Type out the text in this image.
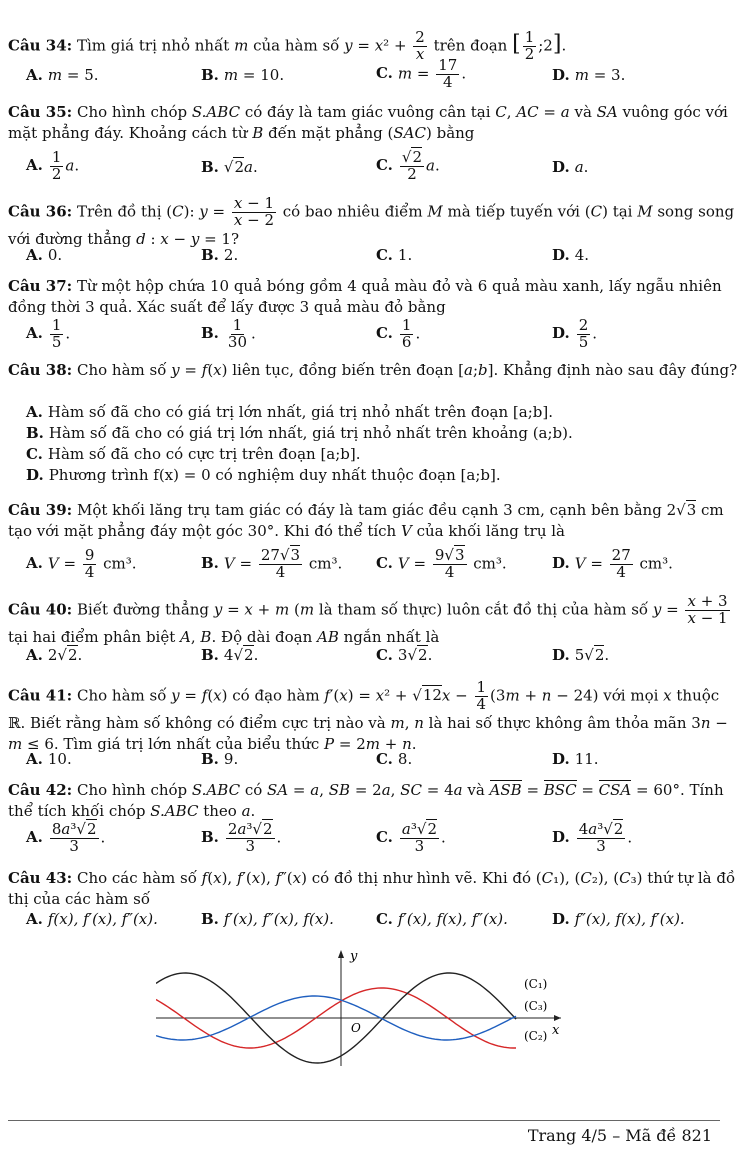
Câu 34: Tìm giá trị nhỏ nhất m của hàm số $y = x^2 + \frac{2}{x}$ trên đoạn [ $\frac{1}{2}$ ;2].
A. m = 5.	B. m = 10.	C. $m = \frac{17}{4}$ .	D. m = 3.
Câu 35: Cho hình chóp S.ABC có đáy là tam giác vuông cân tại C, AC = a và SA vuông góc với mặt phẳng đáy. Khoảng cách từ B đến mặt phẳng (SAC) bằng
A. $\frac{1}{2} a$.	B. √2a.	C. $\frac{√2}{2} a$.	D. a.
Câu 36: Trên đồ thị (C): $y = \frac{x - 1}{x - 2}$ có bao nhiêu điểm M mà tiếp tuyến với (C) tại M song song với đường thẳng d : x − y = 1?
A. 0.	B. 2.	C. 1.	D. 4.
Câu 37: Từ một hộp chứa 10 quả bóng gồm 4 quả màu đỏ và 6 quả màu xanh, lấy ngẫu nhiên đồng thời 3 quả. Xác suất để lấy được 3 quả màu đỏ bằng
A. $\frac{1}{5}$ .	B. $\frac{1}{30}$ .	C. $\frac{1}{6}$ .	D. $\frac{2}{5}$ .
Câu 38: Cho hàm số y = f(x) liên tục, đồng biến trên đoạn [a;b]. Khẳng định nào sau đây đúng?
A. Hàm số đã cho có giá trị lớn nhất, giá trị nhỏ nhất trên đoạn [a;b].
B. Hàm số đã cho có giá trị lớn nhất, giá trị nhỏ nhất trên khoảng (a;b).
C. Hàm số đã cho có cực trị trên đoạn [a;b].
D. Phương trình f(x) = 0 có nghiệm duy nhất thuộc đoạn [a;b].
Câu 39: Một khối lăng trụ tam giác có đáy là tam giác đều cạnh 3 cm, cạnh bên bằng 2√3 cm tạo với mặt phẳng đáy một góc 30°. Khi đó thể tích V của khối lăng trụ là
A. $V = \frac{9}{4} cm^3$.	B. $V = \frac{27√3}{4} cm^3$. C. $V = \frac{9√3}{4} cm^3$.	D. $V = \frac{27}{4} cm^3$.
Câu 40: Biết đường thẳng y = x + m (m là tham số thực) luôn cắt đồ thị của hàm số $y = \frac{x + 3}{x - 1}$
tại hai điểm phân biệt A, B. Độ dài đoạn AB ngắn nhất là
A. 2√2.	B. 4√2.	C. 3√2.	D. 5√2.
Câu 41: Cho hàm số y = f(x) có đạo hàm $f'(x) = x^2 + √12x - \frac{1}{4} (3m + n - 24)$ với mọi x thuộc ℝ. Biết rằng hàm số không có điểm cực trị nào và m, n là hai số thực không âm thỏa mãn 3n − m ≤ 6. Tìm giá trị lớn nhất của biểu thức P = 2m + n.
A. 10.	B. 9.	C. 8.	D. 11.
Câu 42: Cho hình chóp S.ABC có SA = a, SB = 2a, SC = 4a và ASB = BSC = CSA = 60°. Tính thể tích khối chóp S.ABC theo a.
A. $\frac{\text{8a³√2}}{3}$ .	B. $\frac{\text{2a³√2}}{3}$ .	C. $\frac{\text{a³√2}}{3}$ .	D. $\frac{\text{4a³√2}}{3}$ .
Câu 43: Cho các hàm số f(x), f′(x), f″(x) có đồ thị như hình vẽ. Khi đó (C₁), (C₂), (C₃) thứ tự là đồ thị của các hàm số
A. f(x), f′(x), f″(x).	B. f′(x), f″(x), f(x).	C. f′(x), f(x), f″(x).	D. f″(x), f(x), f′(x).
y
x
O
(C₁)
(C₃)
(C₂)
Trang 4/5 – Mã đề 821
